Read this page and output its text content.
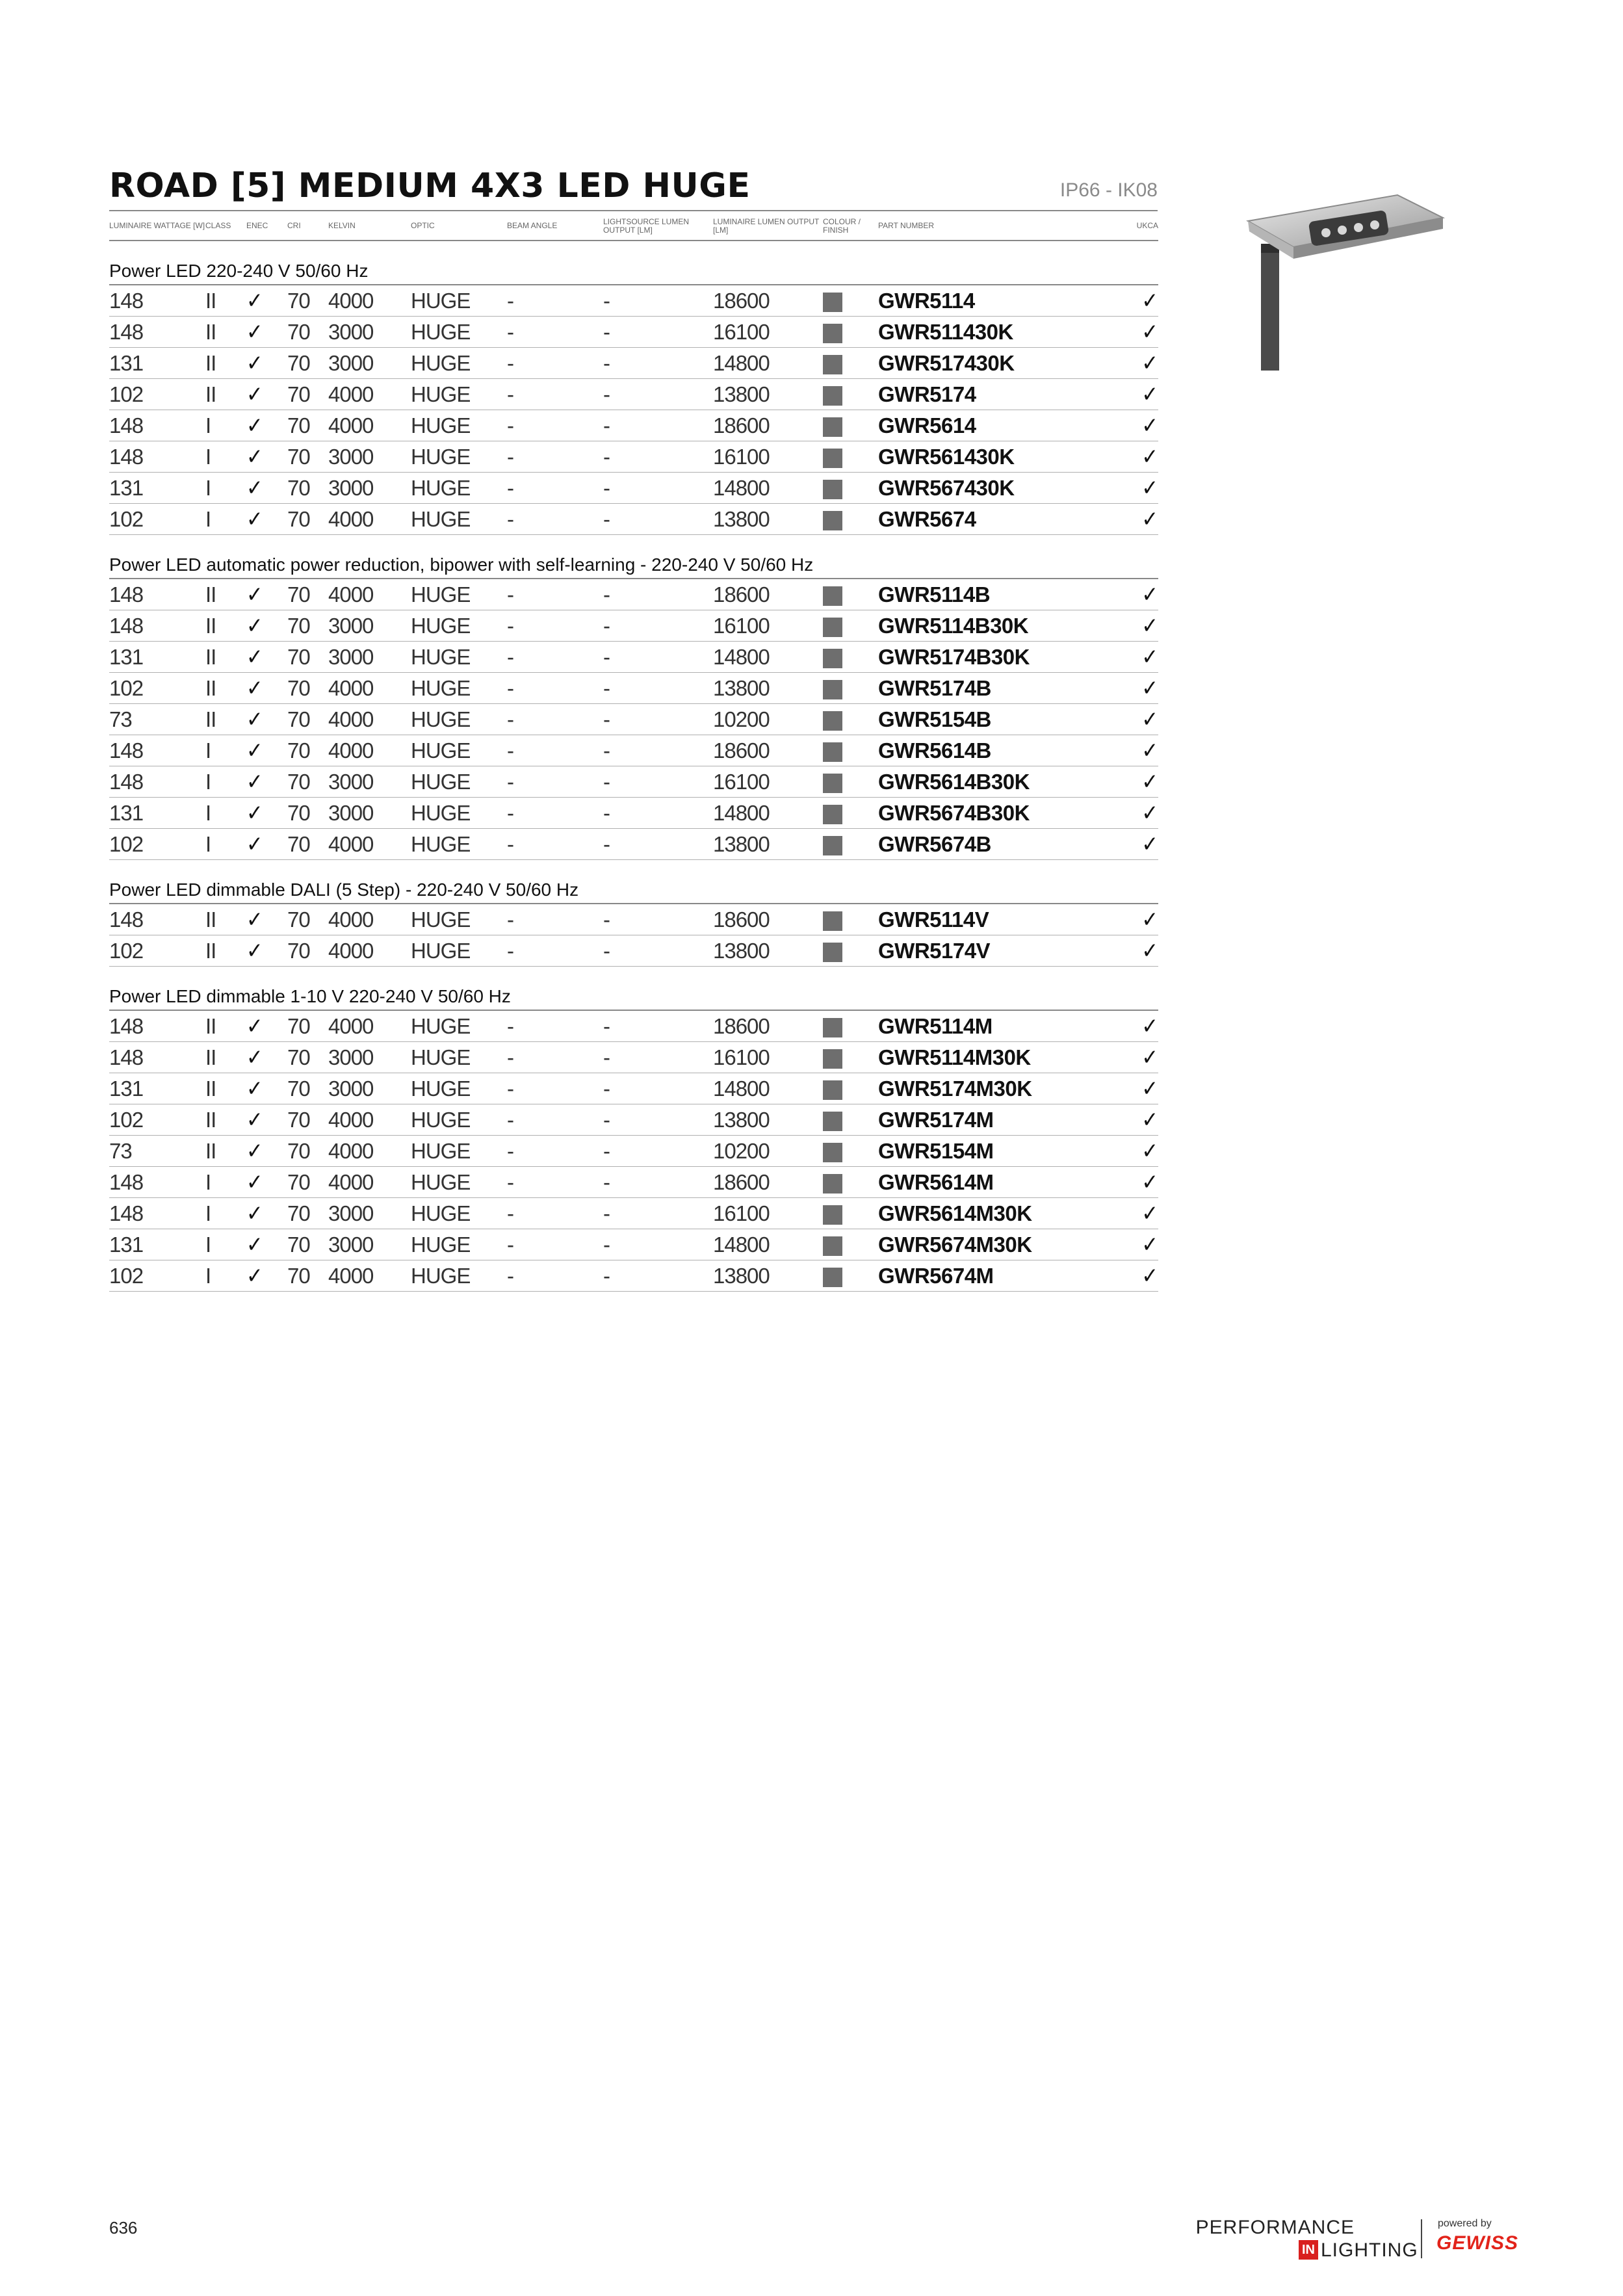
ROAD [5] MEDIUM 4X3 LED HUGE	IP66 - IK08
LUMINAIRE WATTAGE [W]	CLASS	ENEC	CRI	KELVIN	OPTIC	BEAM ANGLE	LIGHTSOURCE LUMEN OUTPUT [LM]	LUMINAIRE LUMEN OUTPUT [LM]	COLOUR / FINISH	PART NUMBER	UKCA
Power LED 220-240 V 50/60 Hz											
148	II	✓	70	4000	HUGE	-	-	18600		GWR5114	✓
148	II	✓	70	3000	HUGE	-	-	16100		GWR511430K	✓
131	II	✓	70	3000	HUGE	-	-	14800		GWR517430K	✓
102	II	✓	70	4000	HUGE	-	-	13800		GWR5174	✓
148	I	✓	70	4000	HUGE	-	-	18600		GWR5614	✓
148	I	✓	70	3000	HUGE	-	-	16100		GWR561430K	✓
131	I	✓	70	3000	HUGE	-	-	14800		GWR567430K	✓
102	I	✓	70	4000	HUGE	-	-	13800		GWR5674	✓
Power LED automatic power reduction, bipower with self-learning - 220-240 V 50/60 Hz											
148	II	✓	70	4000	HUGE	-	-	18600		GWR5114B	✓
148	II	✓	70	3000	HUGE	-	-	16100		GWR5114B30K	✓
131	II	✓	70	3000	HUGE	-	-	14800		GWR5174B30K	✓
102	II	✓	70	4000	HUGE	-	-	13800		GWR5174B	✓
73	II	✓	70	4000	HUGE	-	-	10200		GWR5154B	✓
148	I	✓	70	4000	HUGE	-	-	18600		GWR5614B	✓
148	I	✓	70	3000	HUGE	-	-	16100		GWR5614B30K	✓
131	I	✓	70	3000	HUGE	-	-	14800		GWR5674B30K	✓
102	I	✓	70	4000	HUGE	-	-	13800		GWR5674B	✓
Power LED dimmable DALI (5 Step) - 220-240 V 50/60 Hz											
148	II	✓	70	4000	HUGE	-	-	18600		GWR5114V	✓
102	II	✓	70	4000	HUGE	-	-	13800		GWR5174V	✓
Power LED dimmable 1-10 V 220-240 V 50/60 Hz											
148	II	✓	70	4000	HUGE	-	-	18600		GWR5114M	✓
148	II	✓	70	3000	HUGE	-	-	16100		GWR5114M30K	✓
131	II	✓	70	3000	HUGE	-	-	14800		GWR5174M30K	✓
102	II	✓	70	4000	HUGE	-	-	13800		GWR5174M	✓
73	II	✓	70	4000	HUGE	-	-	10200		GWR5154M	✓
148	I	✓	70	4000	HUGE	-	-	18600		GWR5614M	✓
148	I	✓	70	3000	HUGE	-	-	16100		GWR5614M30K	✓
131	I	✓	70	3000	HUGE	-	-	14800		GWR5674M30K	✓
102	I	✓	70	4000	HUGE	-	-	13800		GWR5674M	✓
636	PERFORMANCE
IN LIGHTING
powered by
GEWISS
